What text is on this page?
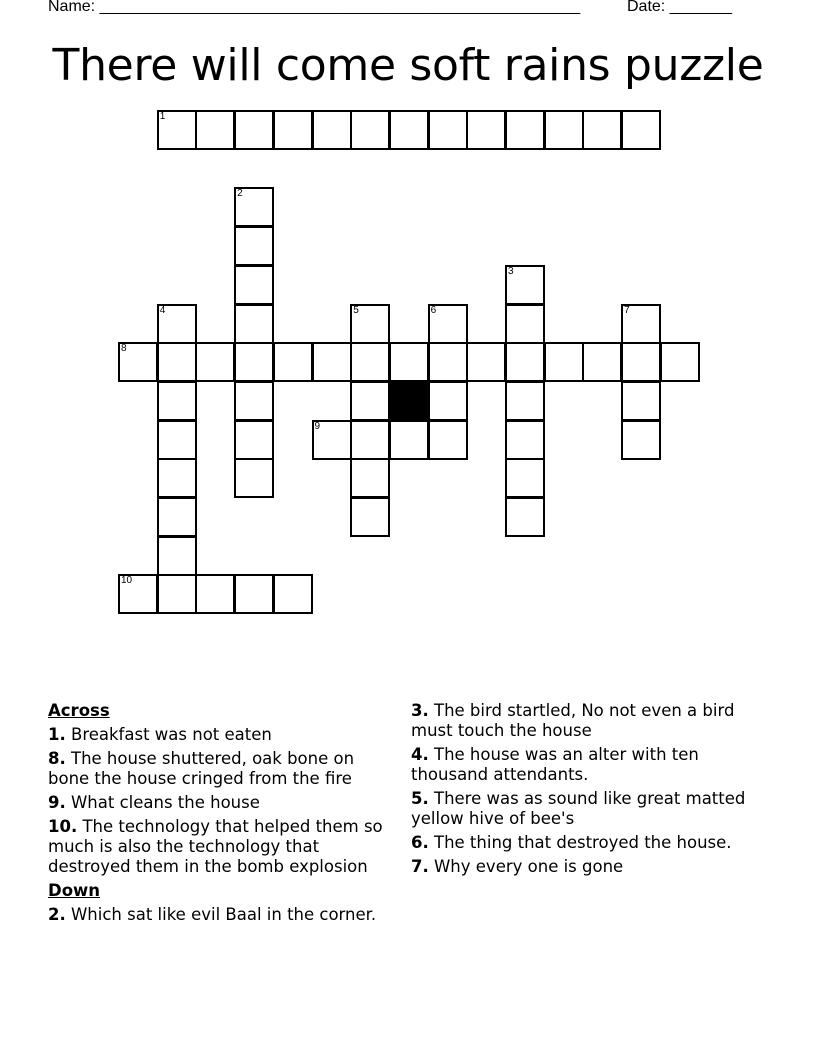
Name: ______________________________________________________	Date: _______
There will come soft rains puzzle
1
2
3
4	5	6	7
8
9
10
Across
1. Breakfast was not eaten
8. The house shuttered, oak bone on bone the house cringed from the fire
9. What cleans the house
10. The technology that helped them so much is also the technology that destroyed them in the bomb explosion
Down
2. Which sat like evil Baal in the corner.
3. The bird startled, No not even a bird must touch the house
4. The house was an alter with ten thousand attendants.
5. There was as sound like great matted yellow hive of bee's
6. The thing that destroyed the house.
7. Why every one is gone
